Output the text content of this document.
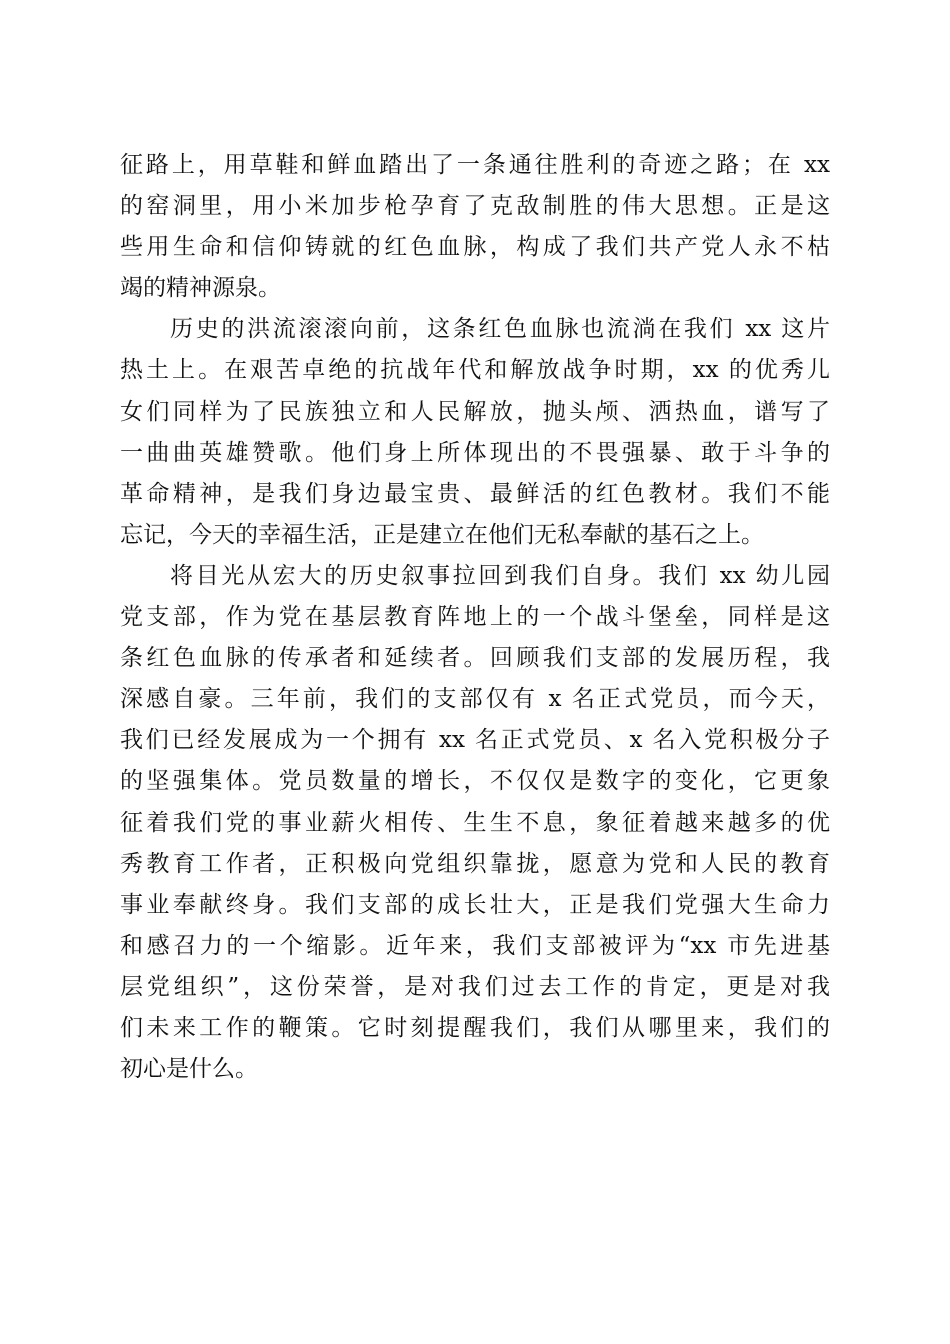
征路上，用草鞋和鲜血踏出了一条通往胜利的奇迹之路；在 xx
的窑洞里，用小米加步枪孕育了克敌制胜的伟大思想。正是这
些用生命和信仰铸就的红色血脉，构成了我们共产党人永不枯
竭的精神源泉。
历史的洪流滚滚向前，这条红色血脉也流淌在我们 xx 这片
热土上。在艰苦卓绝的抗战年代和解放战争时期，xx 的优秀儿
女们同样为了民族独立和人民解放，抛头颅、洒热血，谱写了
一曲曲英雄赞歌。他们身上所体现出的不畏强暴、敢于斗争的
革命精神，是我们身边最宝贵、最鲜活的红色教材。我们不能
忘记，今天的幸福生活，正是建立在他们无私奉献的基石之上。
将目光从宏大的历史叙事拉回到我们自身。我们 xx 幼儿园
党支部，作为党在基层教育阵地上的一个战斗堡垒，同样是这
条红色血脉的传承者和延续者。回顾我们支部的发展历程，我
深感自豪。三年前，我们的支部仅有 x 名正式党员，而今天，
我们已经发展成为一个拥有 xx 名正式党员、x 名入党积极分子
的坚强集体。党员数量的增长，不仅仅是数字的变化，它更象
征着我们党的事业薪火相传、生生不息，象征着越来越多的优
秀教育工作者，正积极向党组织靠拢，愿意为党和人民的教育
事业奉献终身。我们支部的成长壮大，正是我们党强大生命力
和感召力的一个缩影。近年来，我们支部被评为“xx 市先进基
层党组织”，这份荣誉，是对我们过去工作的肯定，更是对我
们未来工作的鞭策。它时刻提醒我们，我们从哪里来，我们的
初心是什么。
